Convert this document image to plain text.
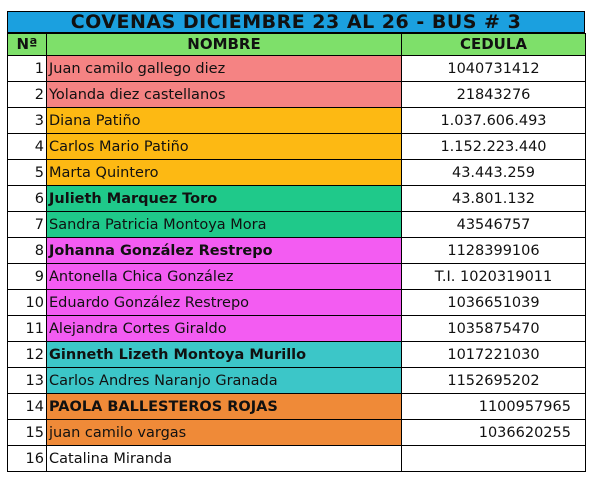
COVENAS DICIEMBRE 23 AL 26 - BUS # 3
Nª	NOMBRE	CEDULA
1	Juan camilo gallego diez	1040731412
2	Yolanda diez castellanos	21843276
3	Diana Patiño	1.037.606.493
4	Carlos Mario Patiño	1.152.223.440
5	Marta Quintero	43.443.259
6	Julieth Marquez Toro	43.801.132
7	Sandra Patricia Montoya Mora	43546757
8	Johanna González Restrepo	1128399106
9	Antonella Chica González	T.I. 1020319011
10	Eduardo González Restrepo	1036651039
11	Alejandra Cortes Giraldo	1035875470
12	Ginneth Lizeth Montoya Murillo	1017221030
13	Carlos Andres Naranjo Granada	1152695202
14	PAOLA BALLESTEROS ROJAS	1100957965
15	juan camilo vargas	1036620255
16	Catalina Miranda	
